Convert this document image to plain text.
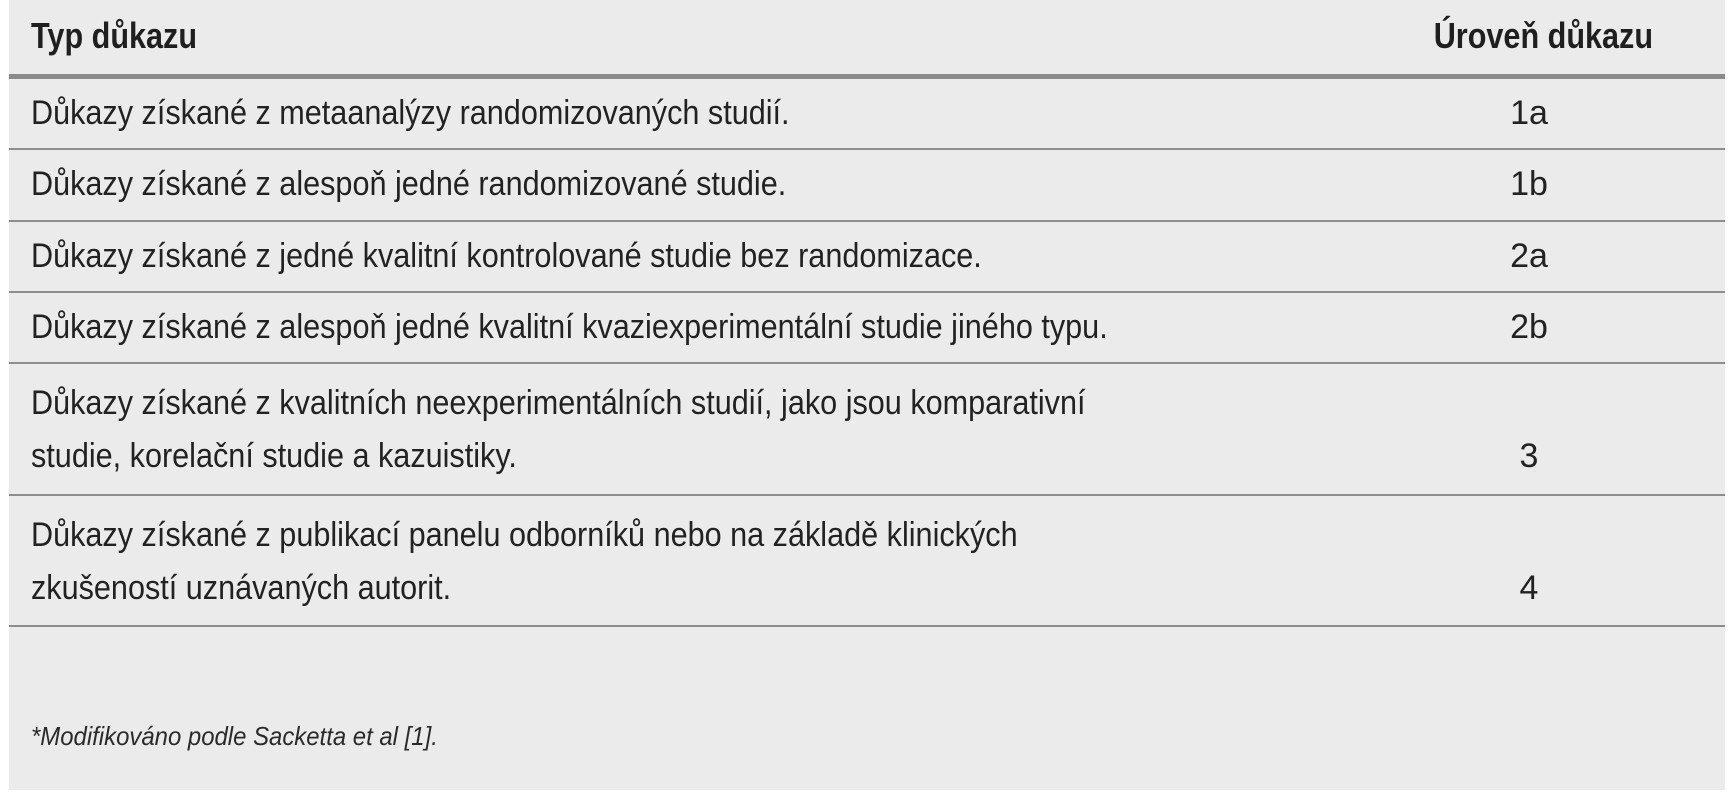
Typ důkazu	Úroveň důkazu
Důkazy získané z metaanalýzy randomizovaných studií.	1a
Důkazy získané z alespoň jedné randomizované studie.	1b
Důkazy získané z jedné kvalitní kontrolované studie bez randomizace.	2a
Důkazy získané z alespoň jedné kvalitní kvaziexperimentální studie jiného typu.	2b
Důkazy získané z kvalitních neexperimentálních studií, jako jsou komparativní
studie, korelační studie a kazuistiky.	3
Důkazy získané z publikací panelu odborníků nebo na základě klinických
zkušeností uznávaných autorit.	4
*Modifikováno podle Sacketta et al [1].
